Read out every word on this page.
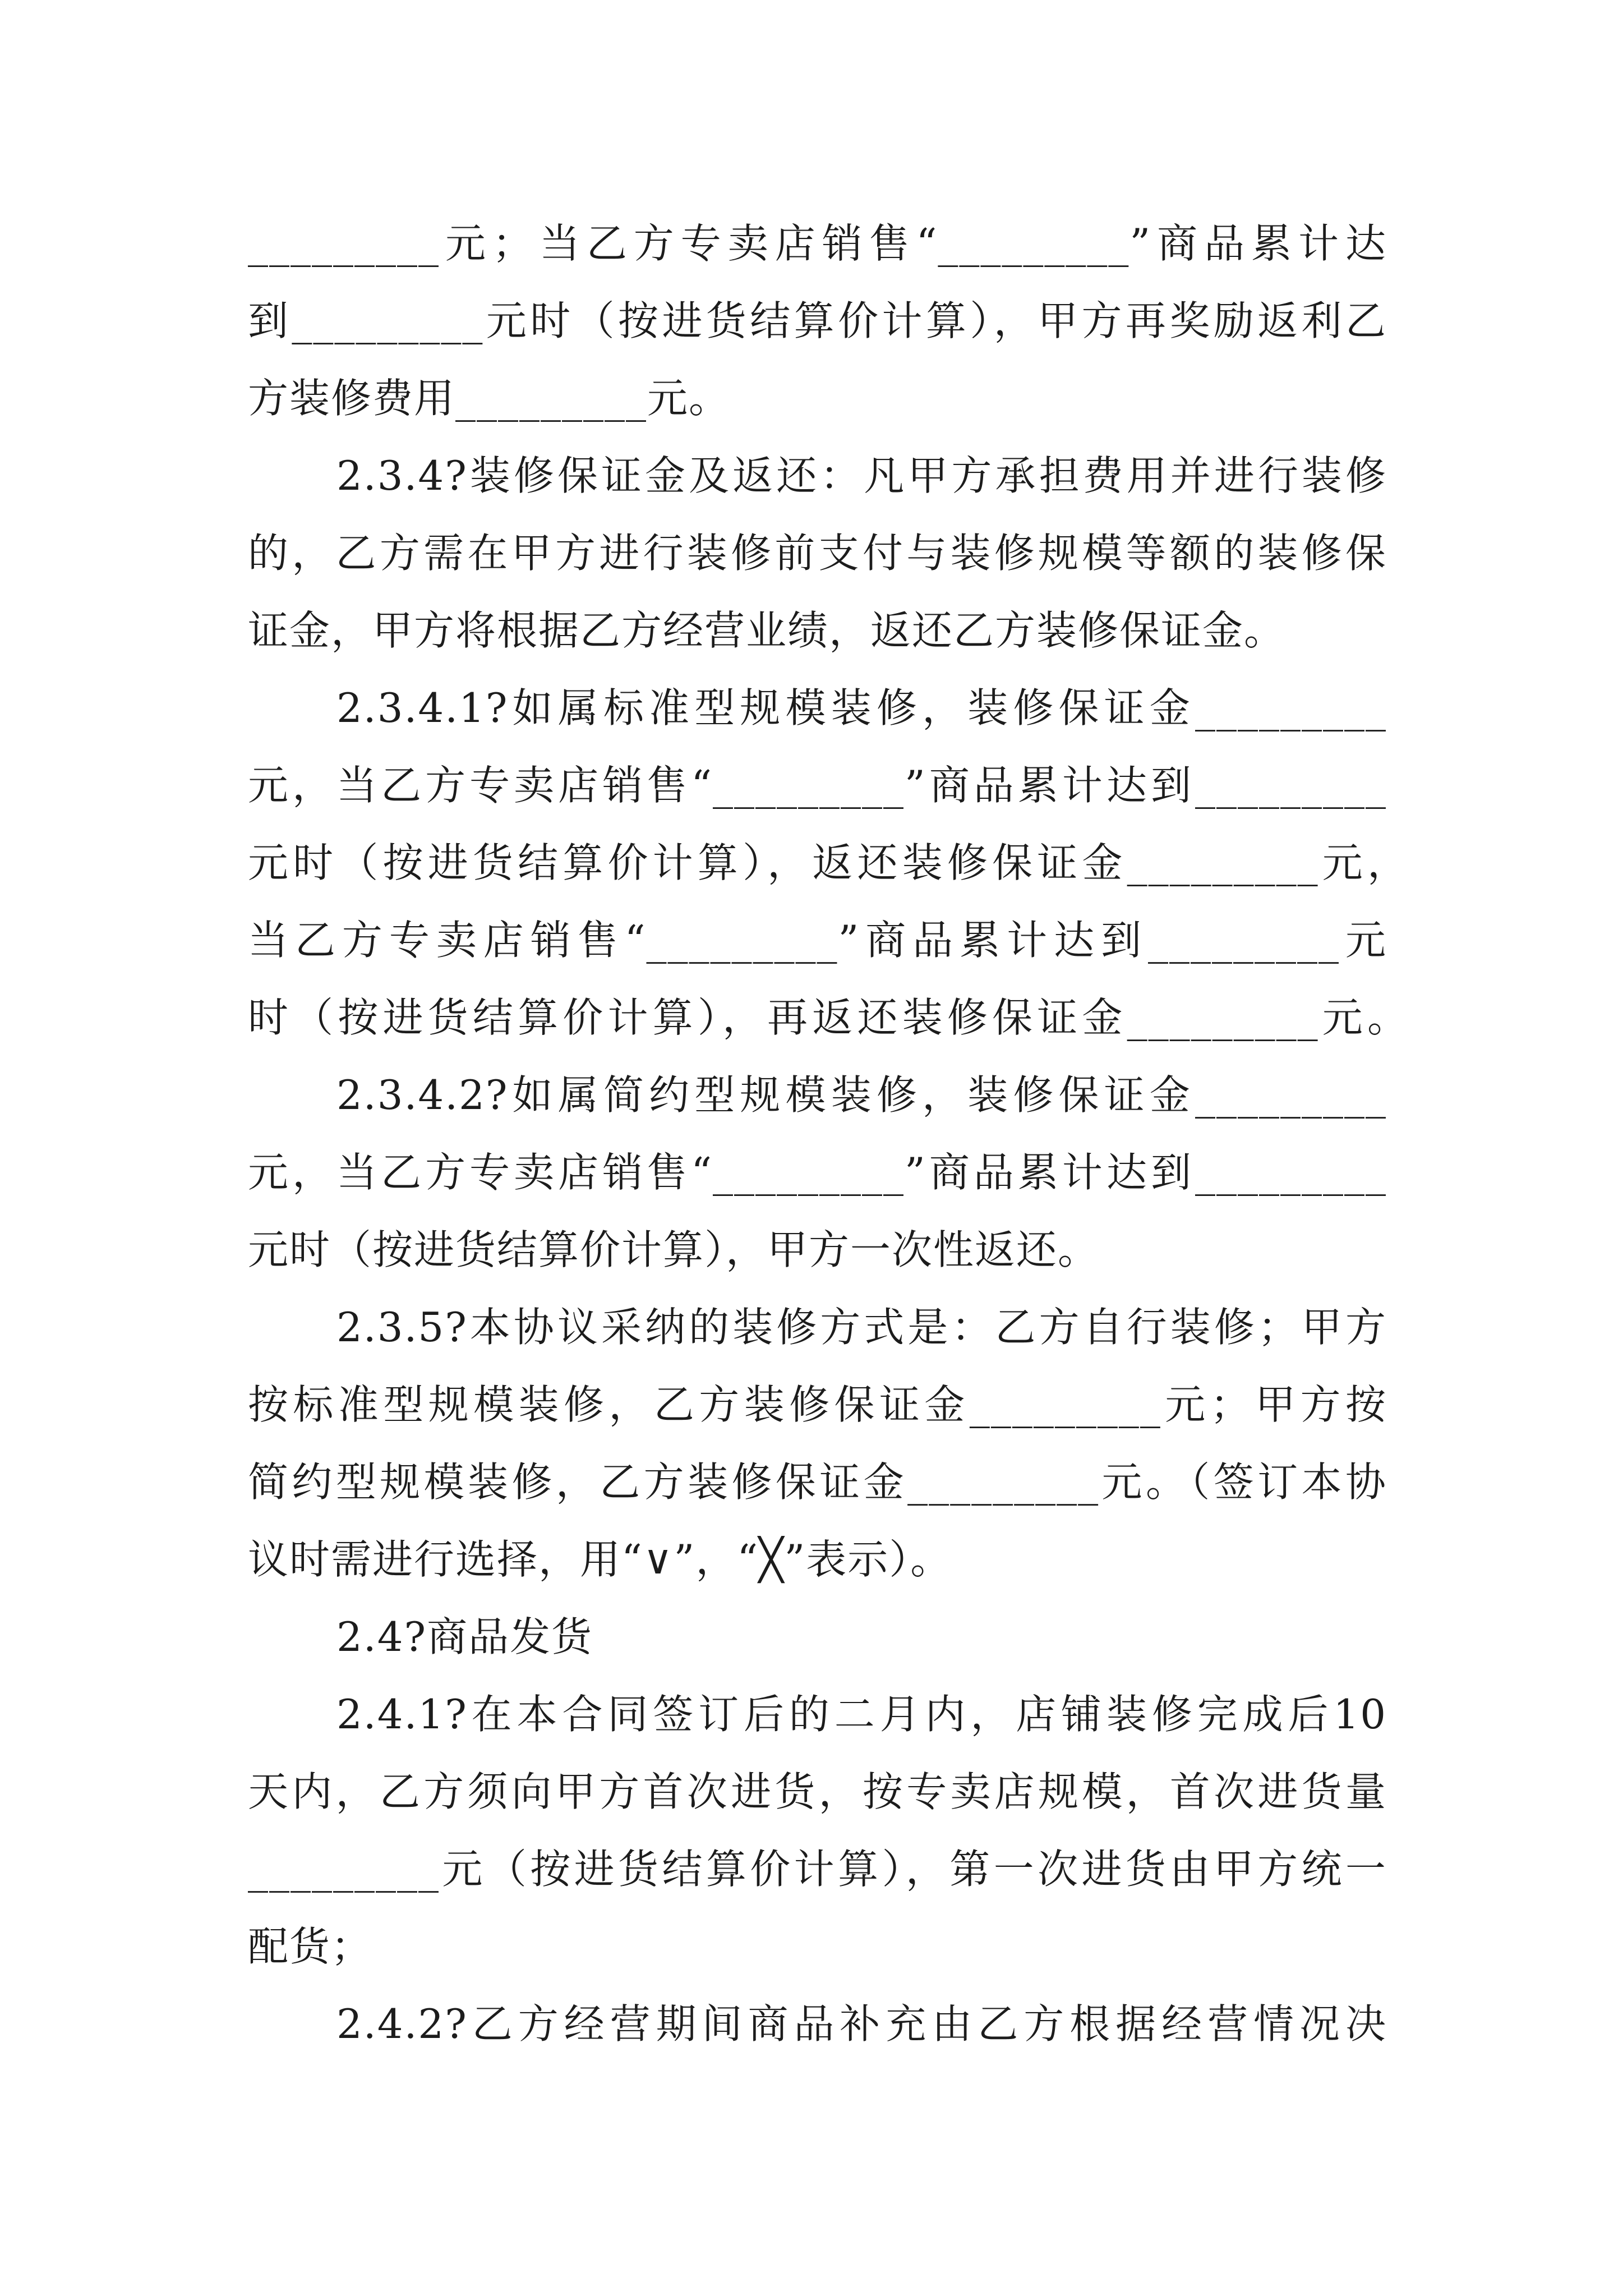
_________元；当乙方专卖店销售“_________”商品累计达
到_________元时（按进货结算价计算），甲方再奖励返利乙
方装修费用_________元。
2.3.4?装修保证金及返还：凡甲方承担费用并进行装修
的，乙方需在甲方进行装修前支付与装修规模等额的装修保
证金，甲方将根据乙方经营业绩，返还乙方装修保证金。
2.3.4.1?如属标准型规模装修，装修保证金_________
元，当乙方专卖店销售“_________”商品累计达到_________
元时（按进货结算价计算），返还装修保证金_________元，
当乙方专卖店销售“_________”商品累计达到_________元
时（按进货结算价计算），再返还装修保证金_________元。
2.3.4.2?如属简约型规模装修，装修保证金_________
元，当乙方专卖店销售“_________”商品累计达到_________
元时（按进货结算价计算），甲方一次性返还。
2.3.5?本协议采纳的装修方式是：乙方自行装修；甲方
按标准型规模装修，乙方装修保证金_________元；甲方按
简约型规模装修，乙方装修保证金_________元。（签订本协
议时需进行选择，用“∨”，“╳”表示）。
2.4?商品发货
2.4.1?在本合同签订后的二月内，店铺装修完成后10
天内，乙方须向甲方首次进货，按专卖店规模，首次进货量
_________元（按进货结算价计算），第一次进货由甲方统一
配货；
2.4.2?乙方经营期间商品补充由乙方根据经营情况决
